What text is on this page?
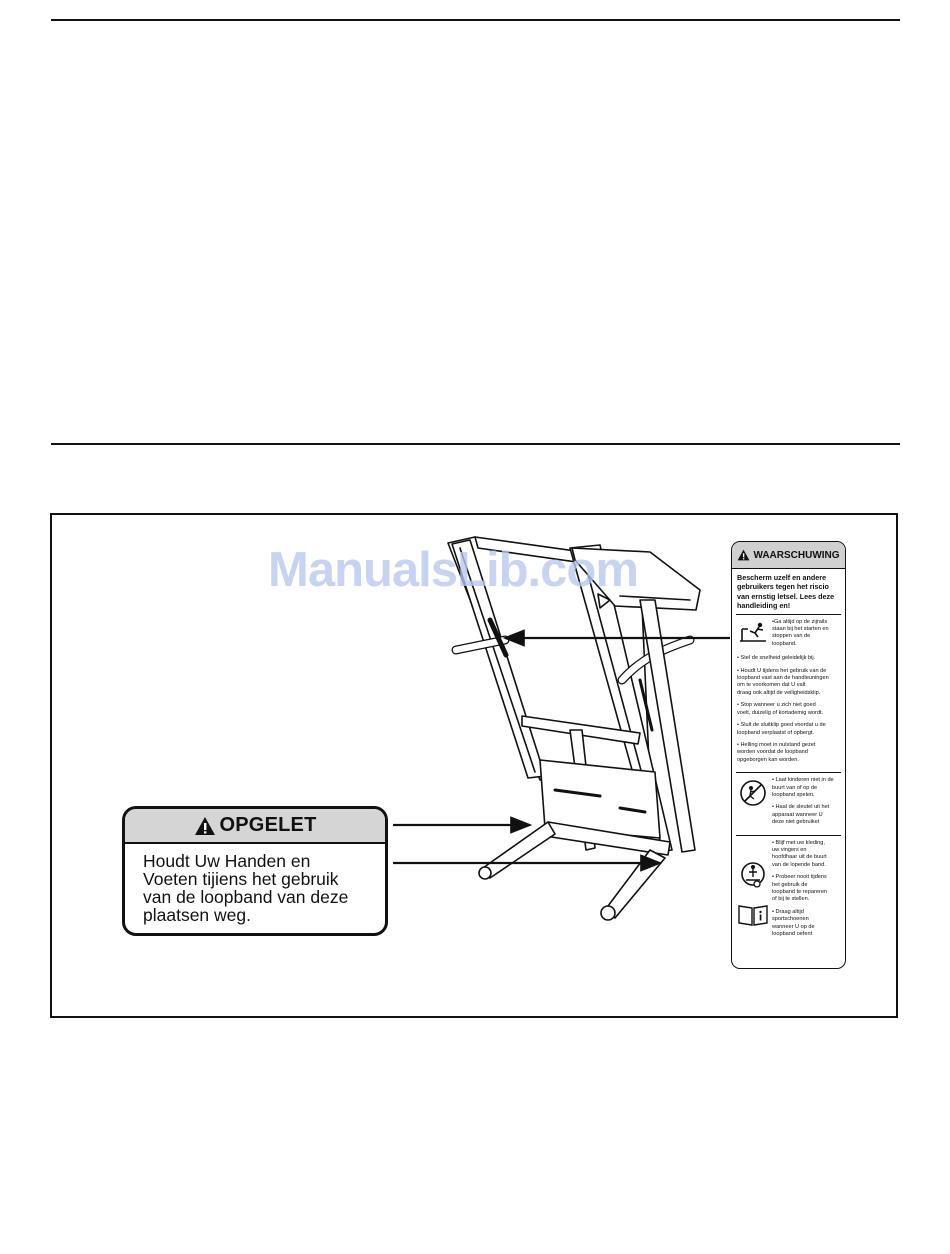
ManualsLib.com
OPGELET
Houdt Uw Handen en
Voeten tijiens het gebruik
van de loopband van deze
plaatsen weg.
WAARSCHUWING
Bescherm uzelf en andere
gebruikers tegen het riscio
van ernstig letsel. Lees deze
handleiding en!
•Ga altijd op de zijrails
staan bij het starten en
stoppen van de
loopband.

• Stel de snelheid geleidelijk bij.

• Houdt U tijdens het gebruik van de
loopband vast aan de handleuningen
om te voorkomen dat U valt
draag ook altijd de veiligheidsklip.

• Stop wanneer u zich niet goed
voelt, duizelig of kortademig wordt.

• Sluit de sluitklip goed voordat u de
loopband verplaatst of opbergt.

• Helling moet in nulstand gezet
worden voordat de loopband
opgeborgen kan worden.

• Laat kinderen niet in de
buurt van of op de
loopband spelen.

• Haal de sleutel uit het
apparaat wanneer U
deze niet gebruiket

• Blijf met uw kleding,
uw vingers en
hoofdhaar uit de buurt
van de lopende band.

• Probeer nooit tijdens
het gebruik de
loopband te repareren
of bij te stellen.

• Draag altijd
sportschoenen
wanneer U op de
loopband oefent
